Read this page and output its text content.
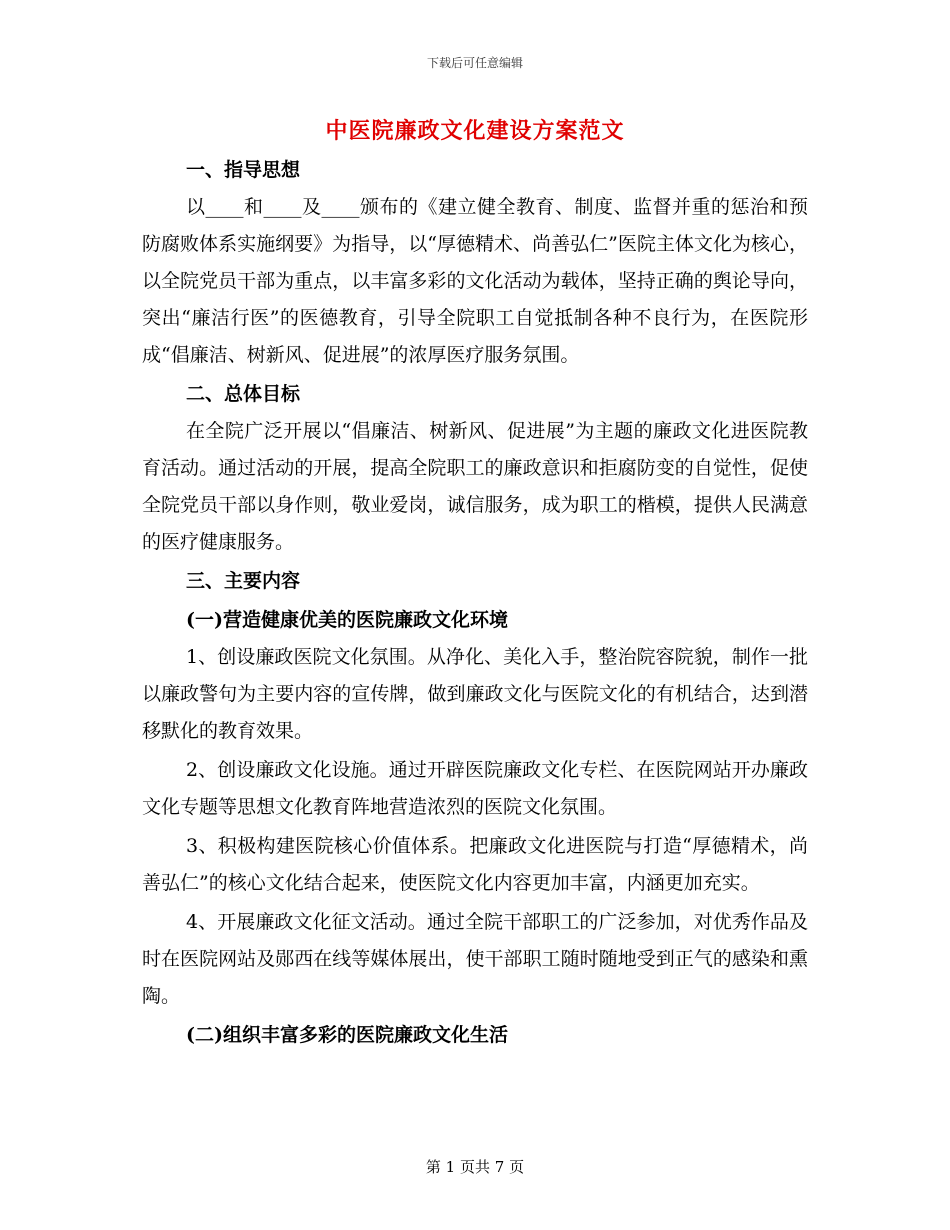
下载后可任意编辑
中医院廉政文化建设方案范文

一、指导思想

以____和____及____颁布的《建立健全教育、制度、监督并重的惩治和预防腐败体系实施纲要》为指导，以“厚德精术、尚善弘仁”医院主体文化为核心，以全院党员干部为重点，以丰富多彩的文化活动为载体，坚持正确的舆论导向，突出“廉洁行医”的医德教育，引导全院职工自觉抵制各种不良行为，在医院形成“倡廉洁、树新风、促进展”的浓厚医疗服务氛围。

二、总体目标

在全院广泛开展以“倡廉洁、树新风、促进展”为主题的廉政文化进医院教育活动。通过活动的开展，提高全院职工的廉政意识和拒腐防变的自觉性，促使全院党员干部以身作则，敬业爱岗，诚信服务，成为职工的楷模，提供人民满意的医疗健康服务。

三、主要内容

(一)营造健康优美的医院廉政文化环境

1、创设廉政医院文化氛围。从净化、美化入手，整治院容院貌，制作一批以廉政警句为主要内容的宣传牌，做到廉政文化与医院文化的有机结合，达到潜移默化的教育效果。

2、创设廉政文化设施。通过开辟医院廉政文化专栏、在医院网站开办廉政文化专题等思想文化教育阵地营造浓烈的医院文化氛围。

3、积极构建医院核心价值体系。把廉政文化进医院与打造“厚德精术，尚善弘仁”的核心文化结合起来，使医院文化内容更加丰富，内涵更加充实。

4、开展廉政文化征文活动。通过全院干部职工的广泛参加，对优秀作品及时在医院网站及郧西在线等媒体展出，使干部职工随时随地受到正气的感染和熏陶。

(二)组织丰富多彩的医院廉政文化生活

第 1 页共 7 页
